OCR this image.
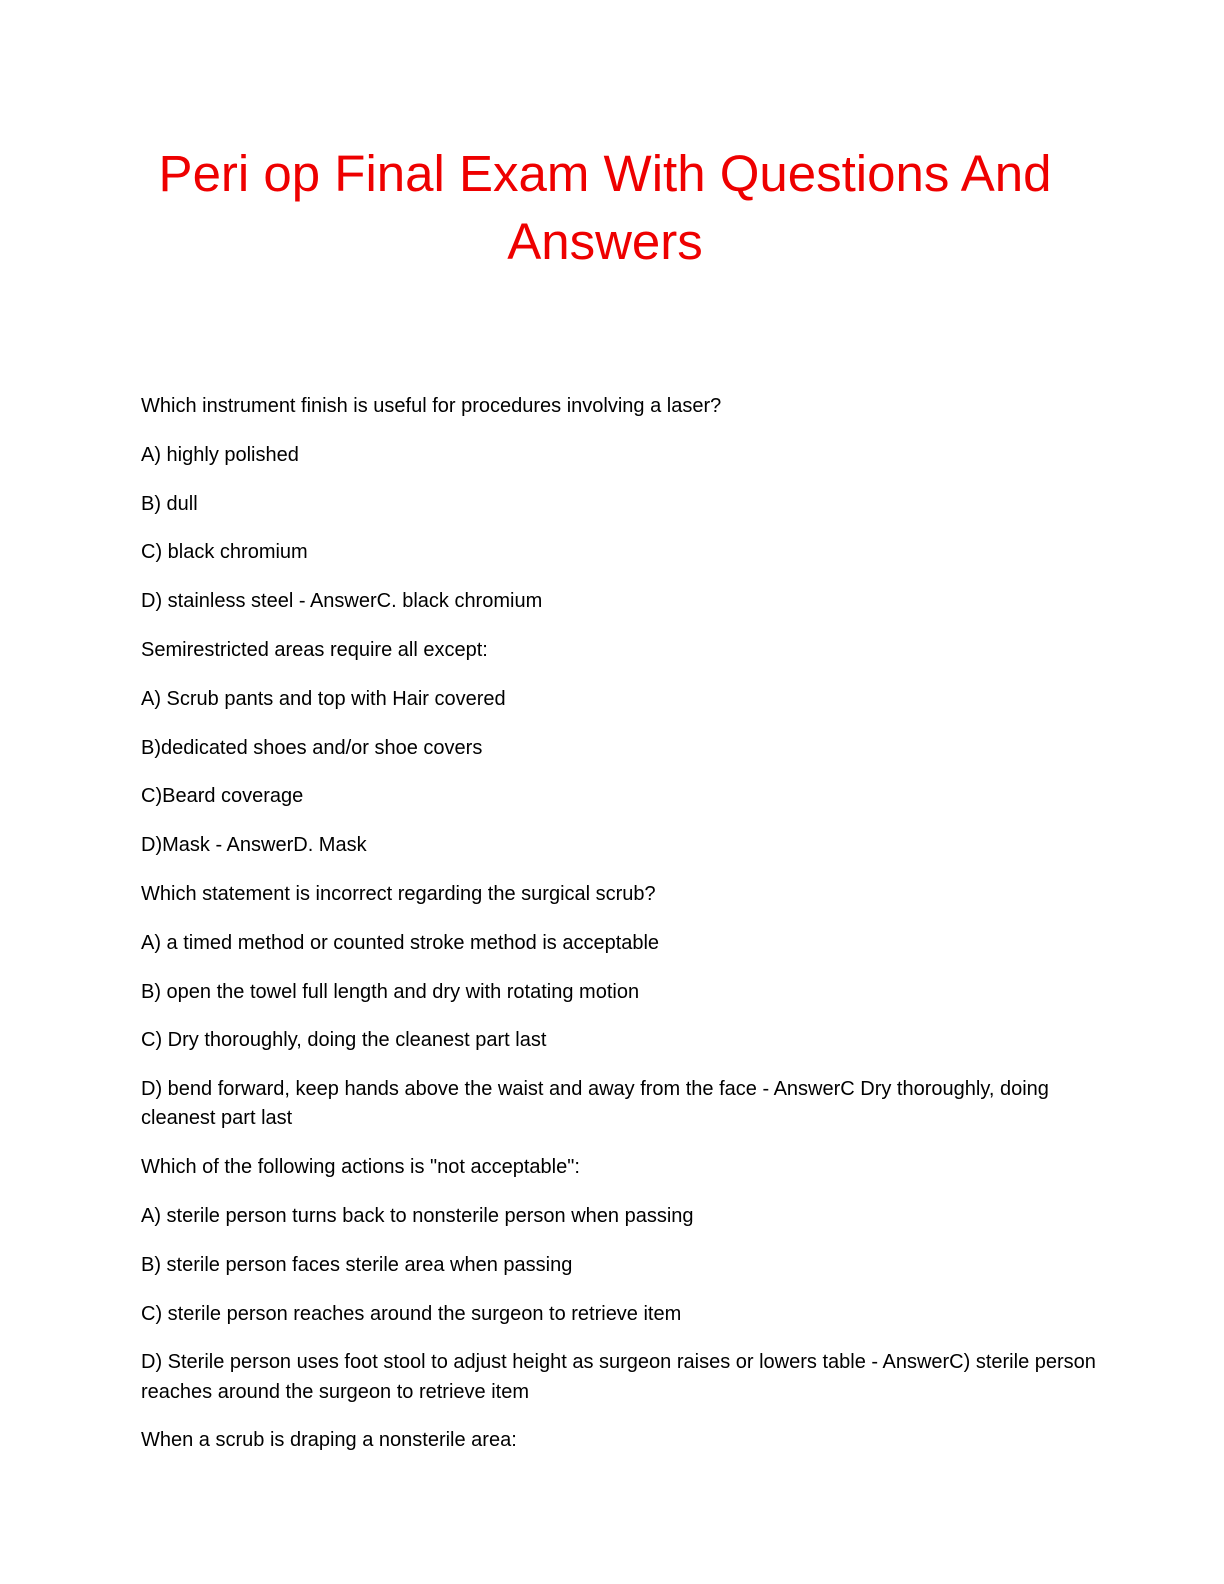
Peri op Final Exam With Questions And Answers

Which instrument finish is useful for procedures involving a laser?

A) highly polished

B) dull

C) black chromium

D) stainless steel - AnswerC. black chromium

Semirestricted areas require all except:

A) Scrub pants and top with Hair covered

B)dedicated shoes and/or shoe covers

C)Beard coverage

D)Mask - AnswerD. Mask

Which statement is incorrect regarding the surgical scrub?

A) a timed method or counted stroke method is acceptable

B) open the towel full length and dry with rotating motion

C) Dry thoroughly, doing the cleanest part last

D) bend forward, keep hands above the waist and away from the face - AnswerC Dry thoroughly, doing cleanest part last

Which of the following actions is "not acceptable":

A) sterile person turns back to nonsterile person when passing

B) sterile person faces sterile area when passing

C) sterile person reaches around the surgeon to retrieve item

D) Sterile person uses foot stool to adjust height as surgeon raises or lowers table - AnswerC) sterile person reaches around the surgeon to retrieve item

When a scrub is draping a nonsterile area:
